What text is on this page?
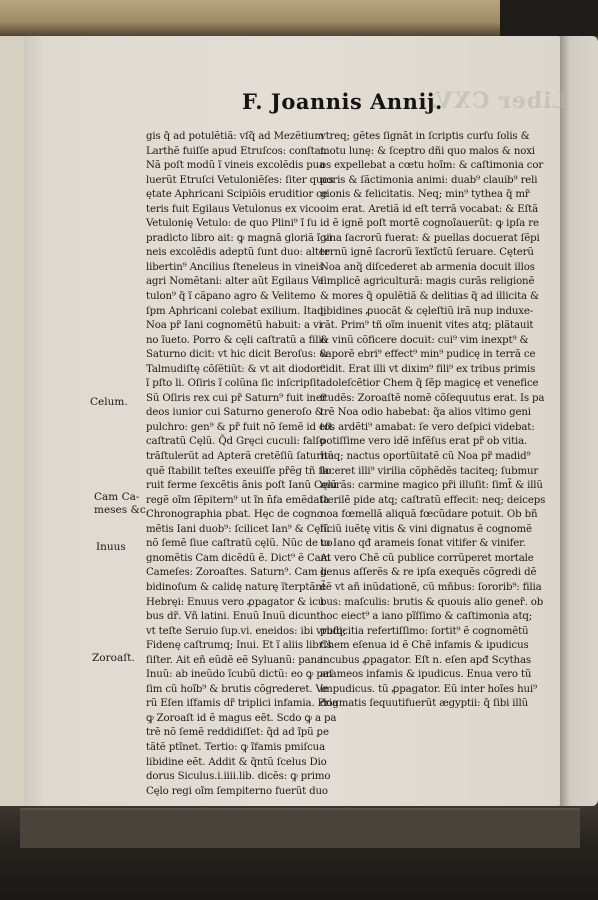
Liber CXV.
F. Joannis Annij.
gis q̃ ad potulẽtiã: vſq̃ ad Mezẽtium
Larthẽ fuiſſe apud Etruſcos: conſtat.
Nã poſt modũ ĩ vineis excolẽdis pua
luerũt Etruſci Vetuloniẽſes: ſiter quos
ętate Aphricani Scipiõis eruditior ce
teris fuit Egilaus Vetulonus ex vico
Vetulonię Vetulo: de quo Plini⁹ ĩ ſu
pradicto libro ait: ꝙ magnã gloriã ĩ vi
neis excolẽdis adeptũ ſunt duo: alter
libertin⁹ Ancilius ſteneleus in vineis
agri Nomẽtani: alter aũt Egilaus Ve
tulon⁹ q̃ ĩ cãpano agro & Velitemo
ſpm Aphricani colebat exilium. Itaq;
Noa pr̃ Iani cognomẽtũ habuit: a vi
no ĩueto. Porro & cęli caſtratũ a filio
Saturno dicit: vt hic dicit Beroſus: &
Talmudiſtę cõſẽtiũt: & vt ait diodor⁹
ĩ pſto li. Oſiris ĩ colũna ſic inſcripſit.
Sũ Oſiris rex cui pr̃ Saturn⁹ fuit iner
deos iunior cui Saturno generoſo &
pulchro: gen⁹ & pr̃ fuit nõ ſemẽ id eſt
caſtratũ Cęlũ. Q̃d Gręci cuculi: falſo
trãſtulerũt ad Apterã cretẽſiũ ſaturnũ
quẽ ſtabilit teſtes exeuiſſe pr̃ẽg tñ flo
ruit ferme ſexcẽtis ãnis poſt Ianũ Cęlũ
regẽ oĩm ſẽpitern⁹ ut ĩn n̄fa emẽdata
Chronographia pbat. Hęc de cogno
mẽtis Iani duob⁹: ſcilicet Ian⁹ & Cęlũ
nõ ſemẽ ſiue caſtratũ cęlũ. Nũc de co
gnomẽtis Cam dicẽdũ ẽ. Dict⁹ ẽ Cam
Cameſes: Zoroaſtes. Saturn⁹. Cam li
bidinoſum & calidę naturę ĩterptãnt̃
Hebręi: Enuus vero ꝓpagator & icu
bus dr̃. Vñ latini. Enuũ Inuũ dicunt:
vt teſte Seruio ſup.vi. eneidos: ibi vrbſq;
Fidenę caſtrumq; Inui. Et ĩ aliis libris
ſiſter. Ait eñ eũdẽ eẽ Syluanũ: pana:
Inuũ: ab ineũdo ĩcubũ dictũ: eo ꝙ paſ
ſim cũ hoĩb⁹ & brutis cõgrederet. Ve
rũ Eſen iſfamis dr̃ triplici infamia. Pria
ꝙ Zoroaſt id ẽ magus eẽt. Scdo ꝙ a pa
trẽ nõ ſemẽ reddidiſſet: q̃d ad ĩpũ ꝑe
tãtẽ ptĩnet. Tertio: ꝙ ĩfamis pmiſcua
libidine eẽt. Addit & q̃ntũ ſcelus Dio
dorus Siculus.i.iiii.lib. dicẽs: ꝙ primo
Cęlo regi oĩm ſempiterno fuerũt duo
vtreq; gẽtes ſignãt in ſcriptis curſu ſolis &
motu lunę: & ſceptro dñi quo malos & noxi
os expellebat a cœtu hoĩm: & caſtimonia cor
poris & ſãctimonia animi: duab⁹ clauib⁹ reli
gionis & felicitatis. Neq; min⁹ tythea q̃ mr̃
oim erat. Aretiã id eſt terrã vocabat: & Eſtã
id ẽ ignẽ poſt mortẽ cognoĩauerũt: ꝙ ipſa re
gina ſacrorũ fuerat: & puellas docuerat ſẽpi
ternũ ignẽ ſacrorũ ĩextĩctũ ſeruare. Cęterũ
Noa anq̃ diſcederet ab armenia docuit illos
ſimplicẽ agriculturã: magis curãs religionẽ
& mores q̃ opulẽtiã & delitias q̃ ad illicita &
libidines ꝓuocãt & cęleſtiũ irã nup induxe-
rãt. Prim⁹ tñ oĩm inuenit vites atq; plãtauit
& vinũ cõficere docuit: cui⁹ vim inexpt⁹ &
vaporẽ ebri⁹ effect⁹ min⁹ pudicę in terrã ce
cidit. Erat illi vt dixim⁹ fili⁹ ex tribus primis
adoleſcẽtior Chem q̃ ſẽp magicę et venefice
ſtudẽs: Zoroaſtẽ nomẽ cõſequutus erat. Is pa
trẽ Noa odio habebat: q̃a alios vltimo geni
tos ardẽti⁹ amabat: ſe vero deſpici videbat:
potiſſime vero idẽ infẽſus erat pr̃ ob vitia.
Itaq; nactus oportũitatẽ cũ Noa pr̃ madid⁹
iaceret illi⁹ virilia cõphẽdẽs taciteq; ſubmur
murãs: carmine magico pr̃i illuſit: ſimt̃ & illũ
ſterilẽ pide atq; caſtratũ effecit: neq; deiceps
noa fœmellã aliquã fœcũdare potuit. Ob bñ
ficiũ iuẽtę vitis & vini dignatus ẽ cognomẽ
to Iano qđ arameis ſonat vitifer & vinifer.
At vero Chẽ cũ publice corrũperet mortale
genus aſſerẽs & re ipſa exequẽs cõgredi dẽ
eẽ vt añ inũdationẽ, cũ mñbus: ſororib⁹: filia
bus: maſculis: brutis & quouis alio gener̃. ob
hoc eiect⁹ a iano pĩſſimo & caſtimonia atq;
pudicitia refertiſſimo: ſortit⁹ ẽ cognomẽtũ
Chem eſenua id ẽ Chẽ infamis & ipudicus
incubus ꝓpagator. Eſt n. eſen apđ Scythas
arameos infamis & ipudicus. Enua vero tũ
impudicus. tũ ꝓpagator. Eũ inter hoĩes hui⁹
dogmatis ſequutifuerũt ægyptii: q̃ ſibi illũ
Celum.
Cam Ca-
meses &c.
Inuus
Zoroaſt.
